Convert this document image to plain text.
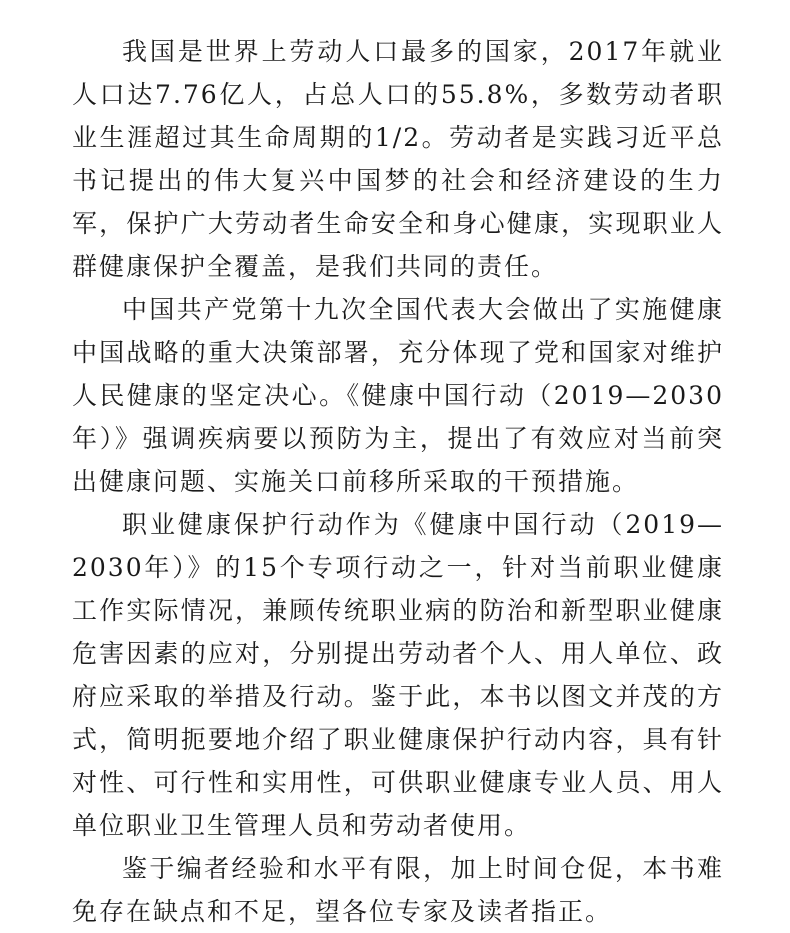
我国是世界上劳动人口最多的国家，2017年就业人口达7.76亿人，占总人口的55.8%，多数劳动者职业生涯超过其生命周期的1/2。劳动者是实践习近平总书记提出的伟大复兴中国梦的社会和经济建设的生力军，保护广大劳动者生命安全和身心健康，实现职业人群健康保护全覆盖，是我们共同的责任。

中国共产党第十九次全国代表大会做出了实施健康中国战略的重大决策部署，充分体现了党和国家对维护人民健康的坚定决心。《健康中国行动（2019—2030年）》强调疾病要以预防为主，提出了有效应对当前突出健康问题、实施关口前移所采取的干预措施。

职业健康保护行动作为《健康中国行动（2019—2030年）》的15个专项行动之一，针对当前职业健康工作实际情况，兼顾传统职业病的防治和新型职业健康危害因素的应对，分别提出劳动者个人、用人单位、政府应采取的举措及行动。鉴于此，本书以图文并茂的方式，简明扼要地介绍了职业健康保护行动内容，具有针对性、可行性和实用性，可供职业健康专业人员、用人单位职业卫生管理人员和劳动者使用。

鉴于编者经验和水平有限，加上时间仓促，本书难免存在缺点和不足，望各位专家及读者指正。
